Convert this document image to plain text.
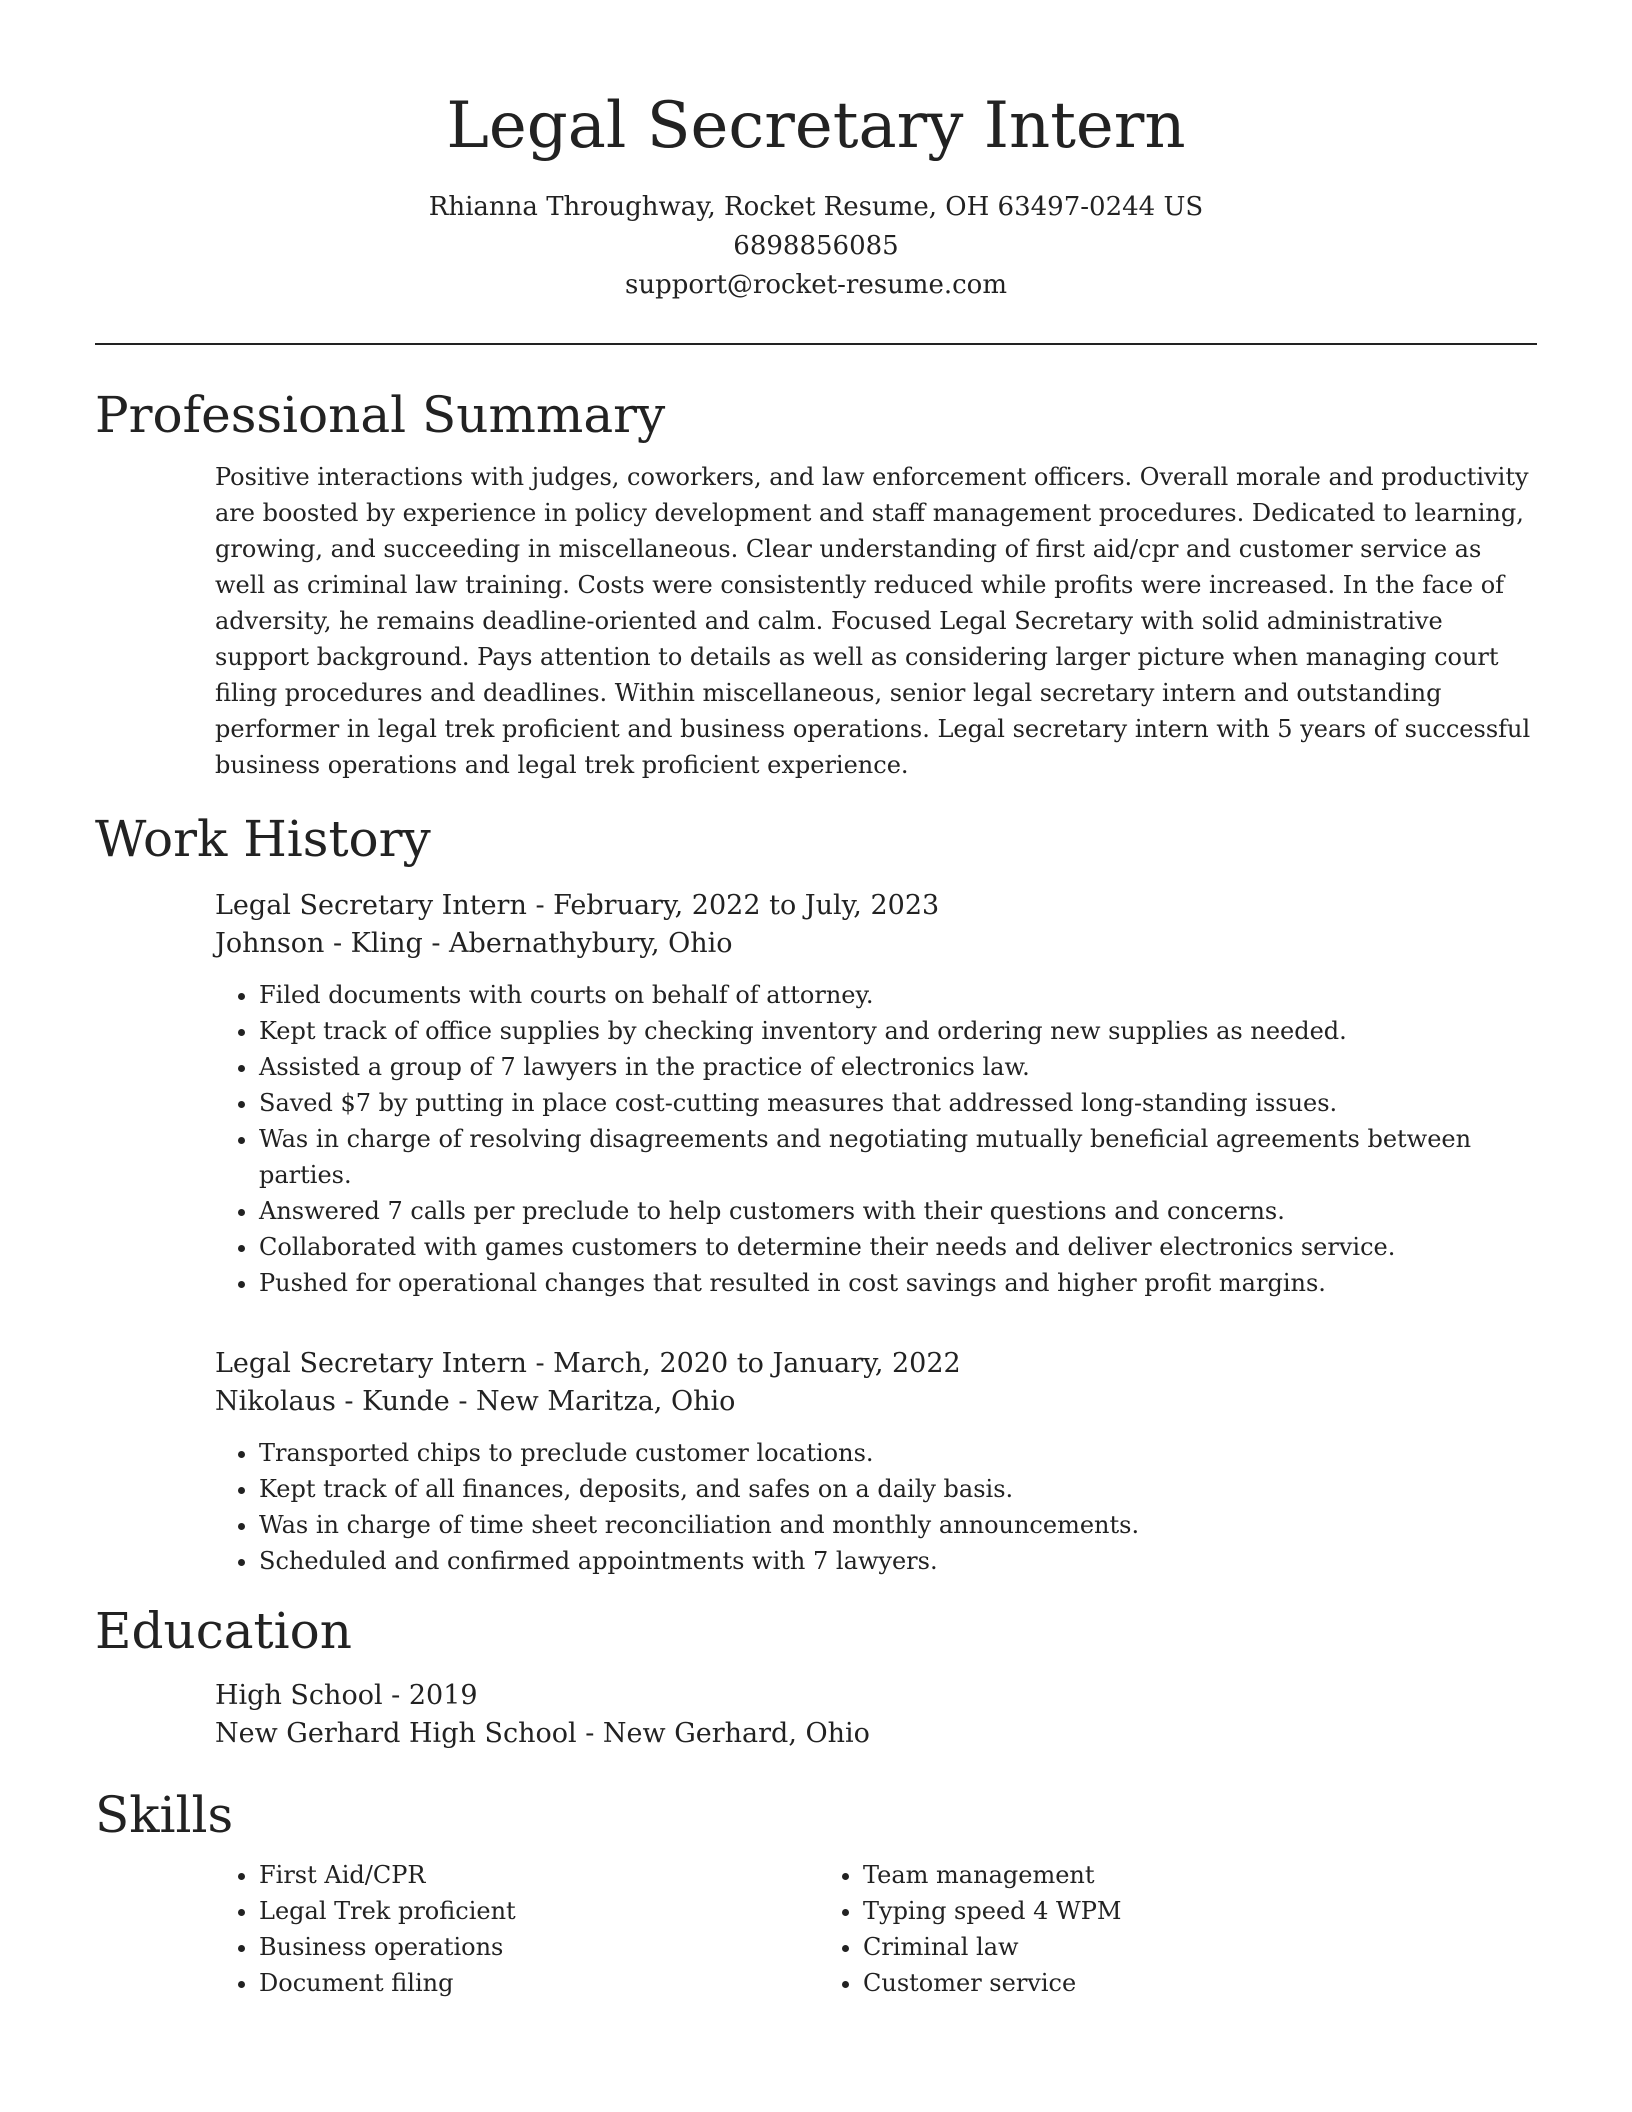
Legal Secretary Intern
Rhianna Throughway, Rocket Resume, OH 63497-0244 US
6898856085
support@rocket-resume.com
Professional Summary

Positive interactions with judges, coworkers, and law enforcement officers. Overall morale and productivity are boosted by experience in policy development and staff management procedures. Dedicated to learning, growing, and succeeding in miscellaneous. Clear understanding of first aid/cpr and customer service as well as criminal law training. Costs were consistently reduced while profits were increased. In the face of adversity, he remains deadline-oriented and calm. Focused Legal Secretary with solid administrative support background. Pays attention to details as well as considering larger picture when managing court filing procedures and deadlines. Within miscellaneous, senior legal secretary intern and outstanding performer in legal trek proficient and business operations. Legal secretary intern with 5 years of successful business operations and legal trek proficient experience.

Work History
Legal Secretary Intern - February, 2022 to July, 2023
Johnson - Kling - Abernathybury, Ohio
• Filed documents with courts on behalf of attorney.
• Kept track of office supplies by checking inventory and ordering new supplies as needed.
• Assisted a group of 7 lawyers in the practice of electronics law.
• Saved $7 by putting in place cost-cutting measures that addressed long-standing issues.
• Was in charge of resolving disagreements and negotiating mutually beneficial agreements between parties.
• Answered 7 calls per preclude to help customers with their questions and concerns.
• Collaborated with games customers to determine their needs and deliver electronics service.
• Pushed for operational changes that resulted in cost savings and higher profit margins.
Legal Secretary Intern - March, 2020 to January, 2022
Nikolaus - Kunde - New Maritza, Ohio
• Transported chips to preclude customer locations.
• Kept track of all finances, deposits, and safes on a daily basis.
• Was in charge of time sheet reconciliation and monthly announcements.
• Scheduled and confirmed appointments with 7 lawyers.
Education
High School - 2019
New Gerhard High School - New Gerhard, Ohio
Skills
• First Aid/CPR
• Legal Trek proficient
• Business operations
• Document filing
• Team management
• Typing speed 4 WPM
• Criminal law
• Customer service
